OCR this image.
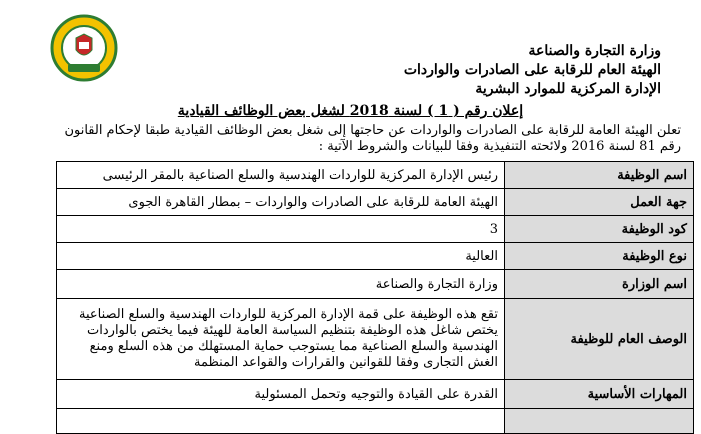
وزارة التجارة والصناعة
الهيئة العام للرقابة على الصادرات والواردات
الإدارة المركزية للموارد البشرية
إعلان رقم ( 1 ) لسنة 2018 لشغل بعض الوظائف القيادية
تعلن الهيئة العامة للرقابة على الصادرات والواردات عن حاجتها إلى شغل بعض الوظائف القيادية طبقا لإحكام القانون
رقم 81 لسنة 2016 ولائحته التنفيذية وفقا للبيانات والشروط الآتية :
اسم الوظيفة	رئيس الإدارة المركزية للواردات الهندسية والسلع الصناعية بالمقر الرئيسى
جهة العمل	الهيئة العامة للرقابة على الصادرات والواردات – بمطار القاهرة الجوى
كود الوظيفة	3
نوع الوظيفة	العالية
اسم الوزارة	وزارة التجارة والصناعة
الوصف العام للوظيفة	تقع هذه الوظيفة على قمة الإدارة المركزية للواردات الهندسية والسلع الصناعية يختص شاغل هذه الوظيفة بتنظيم السياسة العامة للهيئة فيما يختص بالواردات الهندسية والسلع الصناعية مما يستوجب حماية المستهلك من هذه السلع ومنع الغش التجارى وفقا للقوانين والقرارات والقواعد المنظمة
المهارات الأساسية	القدرة على القيادة والتوجيه وتحمل المسئولية
